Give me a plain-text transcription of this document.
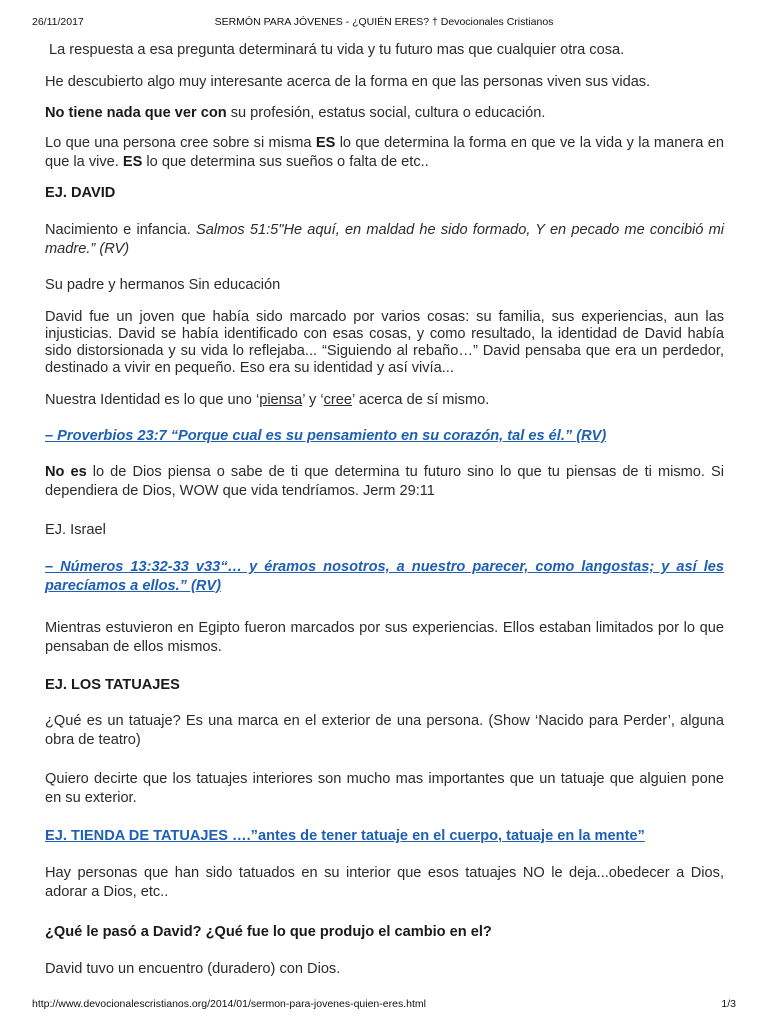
26/11/2017	SERMÓN PARA JÓVENES - ¿QUIÉN ERES? † Devocionales Cristianos

La respuesta a esa pregunta determinará tu vida y tu futuro mas que cualquier otra cosa.

He descubierto algo muy interesante acerca de la forma en que las personas viven sus vidas.

No tiene nada que ver con su profesión, estatus social, cultura o educación.

Lo que una persona cree sobre si misma ES lo que determina la forma en que ve la vida y la manera en que la vive. ES lo que determina sus sueños o falta de etc..

EJ. DAVID

Nacimiento e infancia. Salmos 51:5"He aquí, en maldad he sido formado, Y en pecado me concibió mi madre.” (RV)

Su padre y hermanos Sin educación

David fue un joven que había sido marcado por varios cosas: su familia, sus experiencias, aun las injusticias. David se había identificado con esas cosas, y como resultado, la identidad de David había sido distorsionada y su vida lo reflejaba... “Siguiendo al rebaño…” David pensaba que era un perdedor, destinado a vivir en pequeño. Eso era su identidad y así vivía...

Nuestra Identidad es lo que uno ‘piensa’ y ‘cree’ acerca de sí mismo.

– Proverbios 23:7 “Porque cual es su pensamiento en su corazón, tal es él.” (RV)

No es lo de Dios piensa o sabe de ti que determina tu futuro sino lo que tu piensas de ti mismo. Si dependiera de Dios, WOW que vida tendríamos. Jerm 29:11

EJ. Israel

– Números 13:32-33 v33“… y éramos nosotros, a nuestro parecer, como langostas; y así les parecíamos a ellos.” (RV)

Mientras estuvieron en Egipto fueron marcados por sus experiencias. Ellos estaban limitados por lo que pensaban de ellos mismos.

EJ. LOS TATUAJES

¿Qué es un tatuaje? Es una marca en el exterior de una persona. (Show ‘Nacido para Perder’, alguna obra de teatro)

Quiero decirte que los tatuajes interiores son mucho mas importantes que un tatuaje que alguien pone en su exterior.

EJ. TIENDA DE TATUAJES ….”antes de tener tatuaje en el cuerpo, tatuaje en la mente”

Hay personas que han sido tatuados en su interior que esos tatuajes NO le deja...obedecer a Dios, adorar a Dios, etc..

¿Qué le pasó a David? ¿Qué fue lo que produjo el cambio en el?

David tuvo un encuentro (duradero) con Dios.

http://www.devocionalescristianos.org/2014/01/sermon-para-jovenes-quien-eres.html	1/3
